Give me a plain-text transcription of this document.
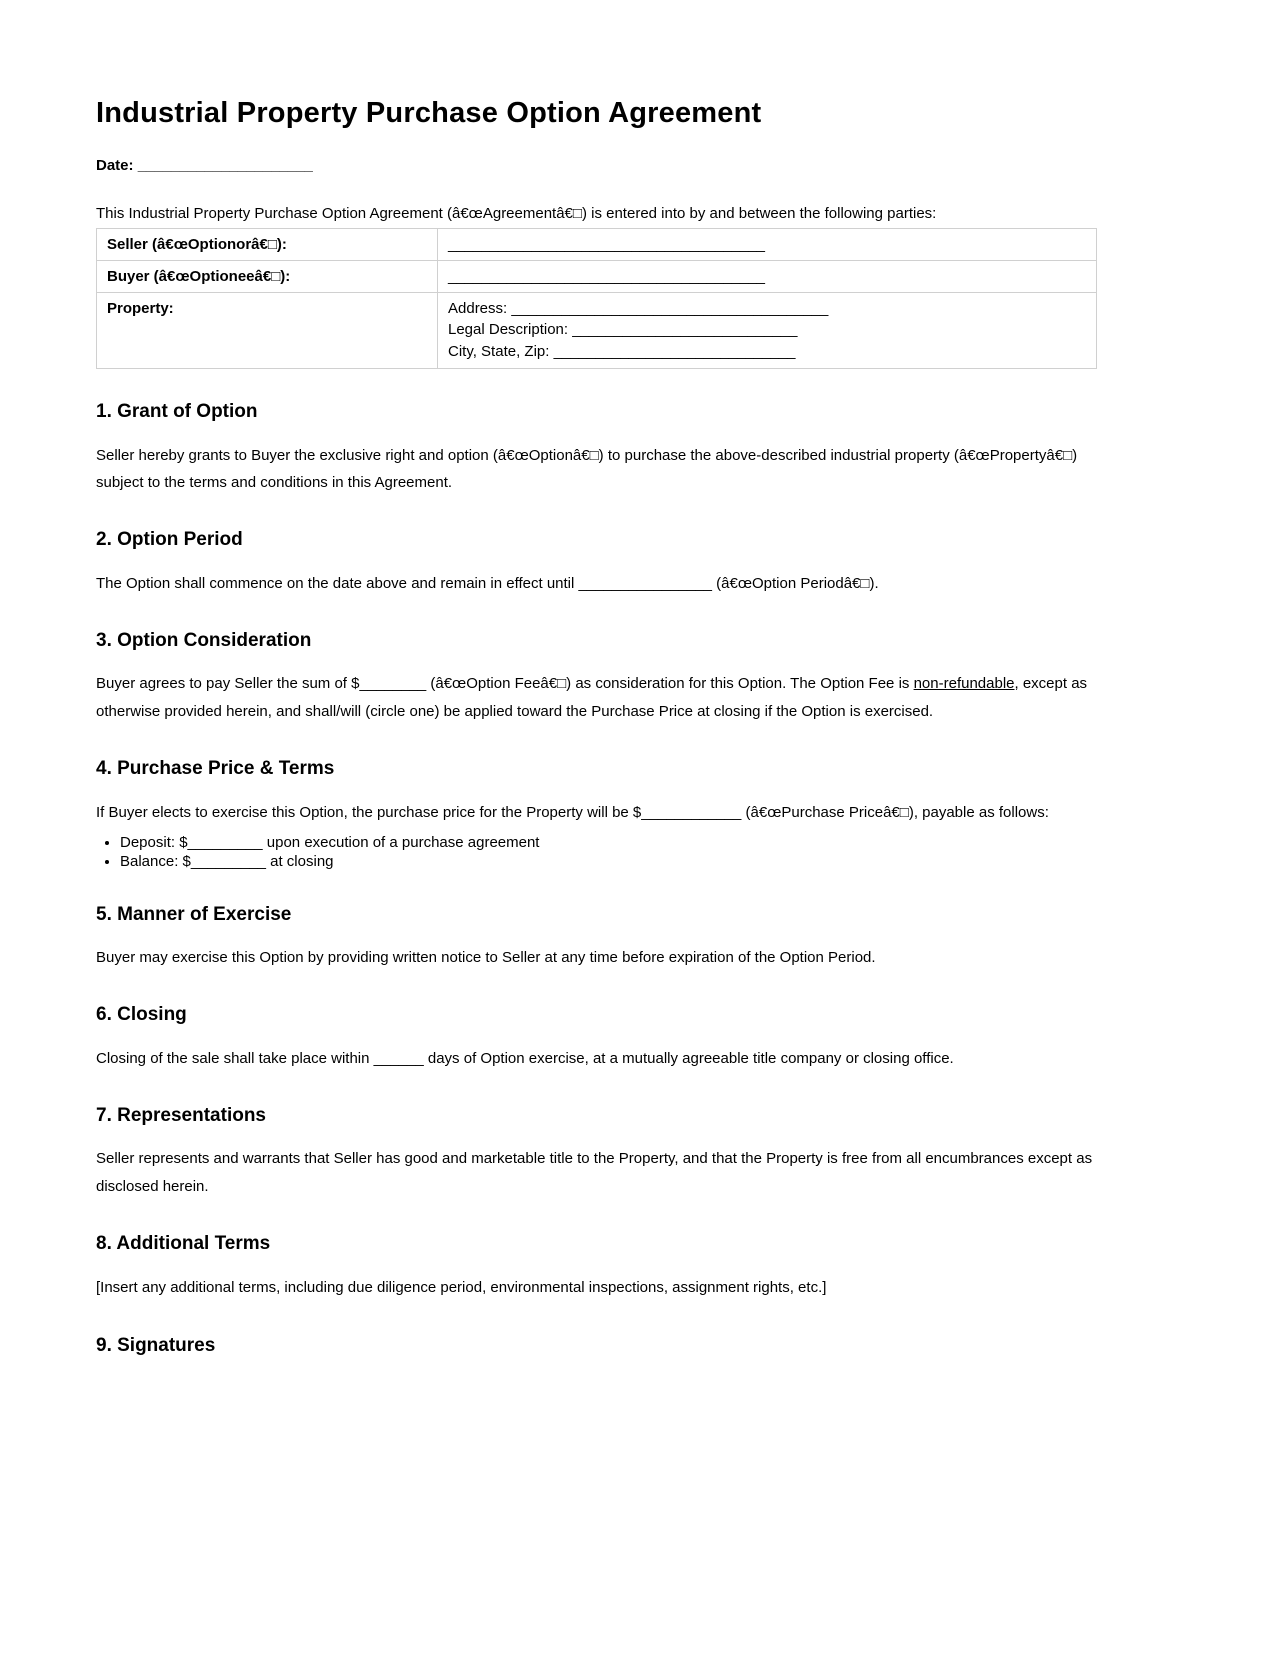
Industrial Property Purchase Option Agreement

Date: _____________________

This Industrial Property Purchase Option Agreement (â€œAgreementâ€□) is entered into by and between the following parties:

Seller (â€œOptionorâ€□):	______________________________________
Buyer (â€œOptioneeâ€□):	______________________________________
Property:	Address: ______________________________________
Legal Description: ___________________________
City, State, Zip: _____________________________
1. Grant of Option

Seller hereby grants to Buyer the exclusive right and option (â€œOptionâ€□) to purchase the above-described industrial property (â€œPropertyâ€□) subject to the terms and conditions in this Agreement.

2. Option Period

The Option shall commence on the date above and remain in effect until ________________ (â€œOption Periodâ€□).

3. Option Consideration

Buyer agrees to pay Seller the sum of $________ (â€œOption Feeâ€□) as consideration for this Option. The Option Fee is non-refundable, except as otherwise provided herein, and shall/will (circle one) be applied toward the Purchase Price at closing if the Option is exercised.

4. Purchase Price & Terms

If Buyer elects to exercise this Option, the purchase price for the Property will be $____________ (â€œPurchase Priceâ€□), payable as follows:

• Deposit: $_________ upon execution of a purchase agreement
• Balance: $_________ at closing
5. Manner of Exercise

Buyer may exercise this Option by providing written notice to Seller at any time before expiration of the Option Period.

6. Closing

Closing of the sale shall take place within ______ days of Option exercise, at a mutually agreeable title company or closing office.

7. Representations

Seller represents and warrants that Seller has good and marketable title to the Property, and that the Property is free from all encumbrances except as disclosed herein.

8. Additional Terms

[Insert any additional terms, including due diligence period, environmental inspections, assignment rights, etc.]

9. Signatures
